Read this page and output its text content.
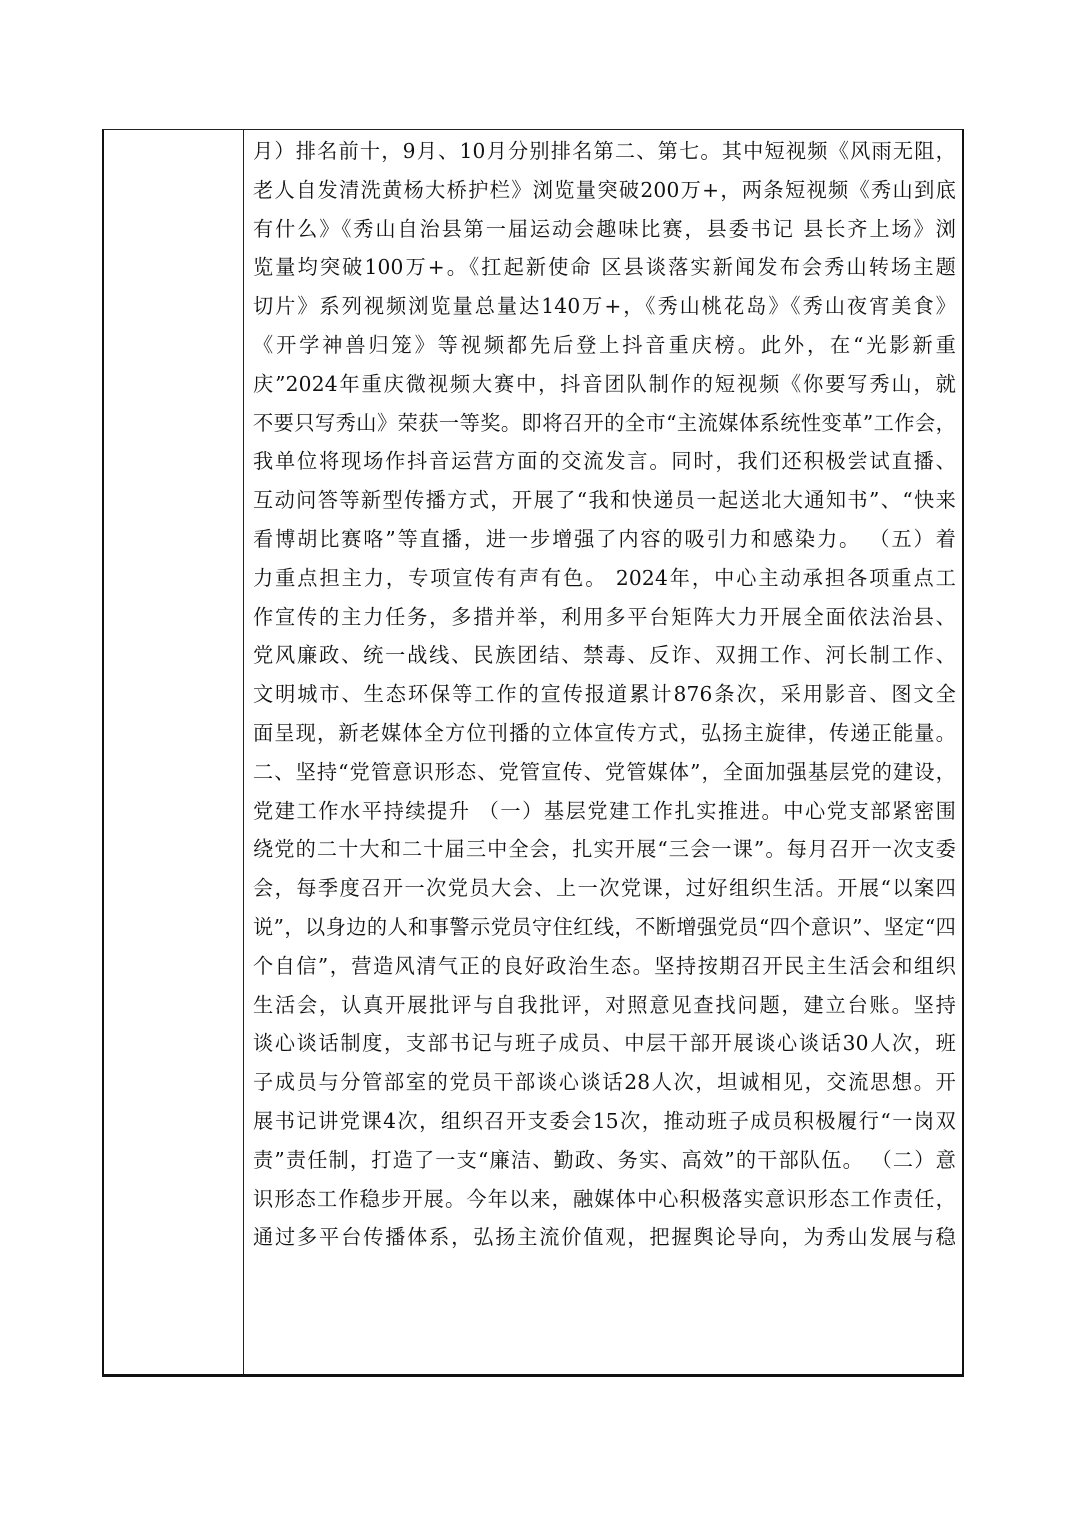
月）排名前十，9月、10月分别排名第二、第七。其中短视频《风雨无阻，
老人自发清洗黄杨大桥护栏》浏览量突破200万+，两条短视频《秀山到底
有什么》《秀山自治县第一届运动会趣味比赛，县委书记 县长齐上场》浏
览量均突破100万+。《扛起新使命 区县谈落实新闻发布会秀山转场主题
切片》系列视频浏览量总量达140万+，《秀山桃花岛》《秀山夜宵美食》
《开学神兽归笼》等视频都先后登上抖音重庆榜。此外，在“光影新重
庆”2024年重庆微视频大赛中，抖音团队制作的短视频《你要写秀山，就
不要只写秀山》荣获一等奖。即将召开的全市“主流媒体系统性变革”工作会，
我单位将现场作抖音运营方面的交流发言。同时，我们还积极尝试直播、
互动问答等新型传播方式，开展了“我和快递员一起送北大通知书”、“快来
看博胡比赛咯”等直播，进一步增强了内容的吸引力和感染力。 （五）着
力重点担主力，专项宣传有声有色。 2024年，中心主动承担各项重点工
作宣传的主力任务，多措并举，利用多平台矩阵大力开展全面依法治县、
党风廉政、统一战线、民族团结、禁毒、反诈、双拥工作、河长制工作、
文明城市、生态环保等工作的宣传报道累计876条次，采用影音、图文全
面呈现，新老媒体全方位刊播的立体宣传方式，弘扬主旋律，传递正能量。
二、坚持“党管意识形态、党管宣传、党管媒体”，全面加强基层党的建设，
党建工作水平持续提升 （一）基层党建工作扎实推进。中心党支部紧密围
绕党的二十大和二十届三中全会，扎实开展“三会一课”。每月召开一次支委
会，每季度召开一次党员大会、上一次党课，过好组织生活。开展“以案四
说”，以身边的人和事警示党员守住红线，不断增强党员“四个意识”、坚定“四
个自信”，营造风清气正的良好政治生态。坚持按期召开民主生活会和组织
生活会，认真开展批评与自我批评，对照意见查找问题，建立台账。坚持
谈心谈话制度，支部书记与班子成员、中层干部开展谈心谈话30人次，班
子成员与分管部室的党员干部谈心谈话28人次，坦诚相见，交流思想。开
展书记讲党课4次，组织召开支委会15次，推动班子成员积极履行“一岗双
责”责任制，打造了一支“廉洁、勤政、务实、高效”的干部队伍。 （二）意
识形态工作稳步开展。今年以来，融媒体中心积极落实意识形态工作责任，
通过多平台传播体系，弘扬主流价值观，把握舆论导向，为秀山发展与稳
